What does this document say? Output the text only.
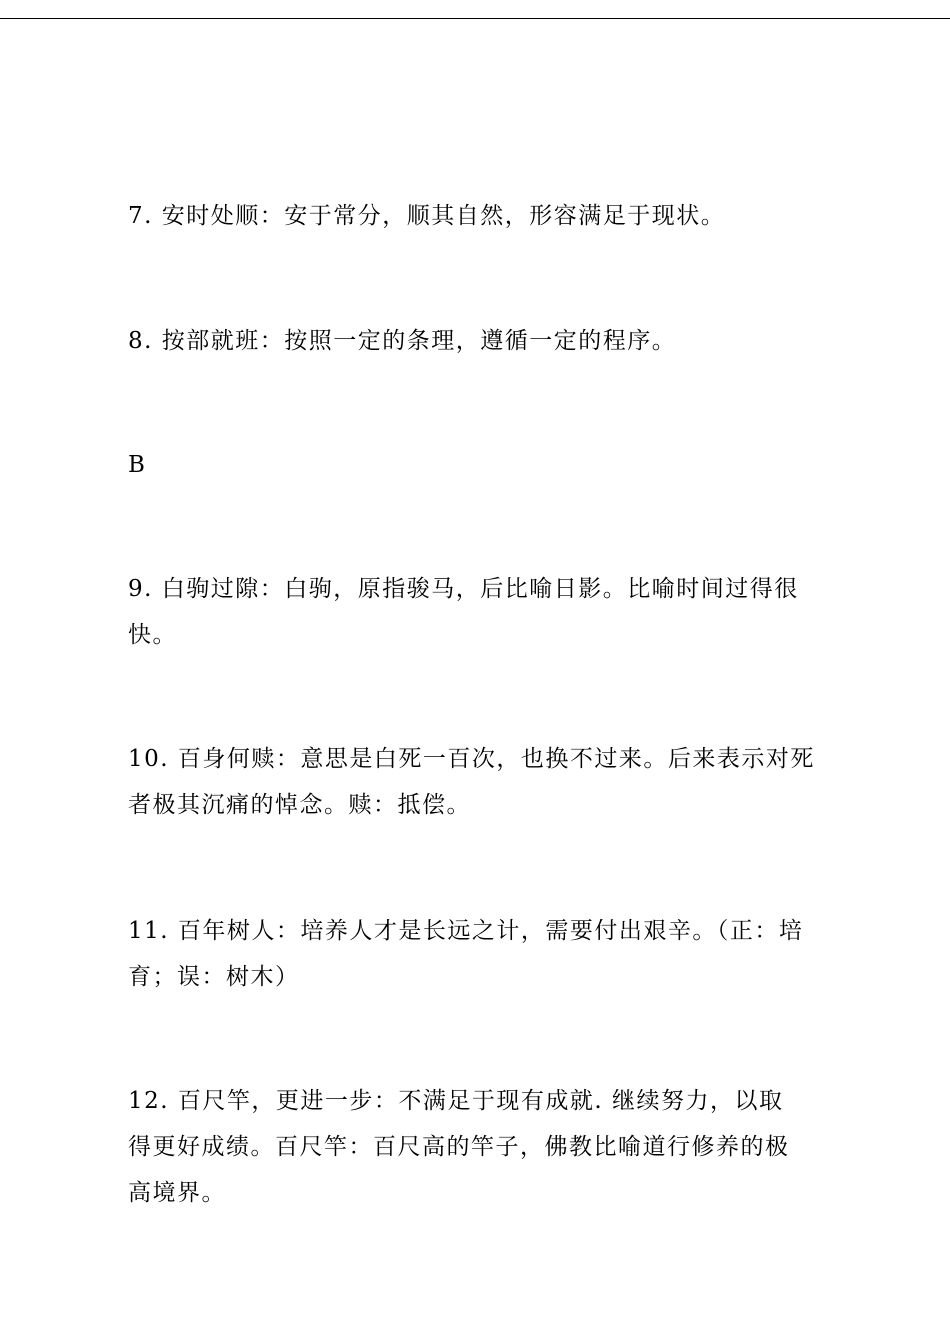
7. 安时处顺：安于常分，顺其自然，形容满足于现状。

8. 按部就班：按照一定的条理，遵循一定的程序。

B

9. 白驹过隙：白驹，原指骏马，后比喻日影。比喻时间过得很
快。

10. 百身何赎：意思是白死一百次，也换不过来。后来表示对死
者极其沉痛的悼念。赎：抵偿。

11. 百年树人：培养人才是长远之计，需要付出艰辛。（正：培
育；误：树木）

12. 百尺竿，更进一步：不满足于现有成就. 继续努力，以取
得更好成绩。百尺竿：百尺高的竿子，佛教比喻道行修养的极
高境界。
